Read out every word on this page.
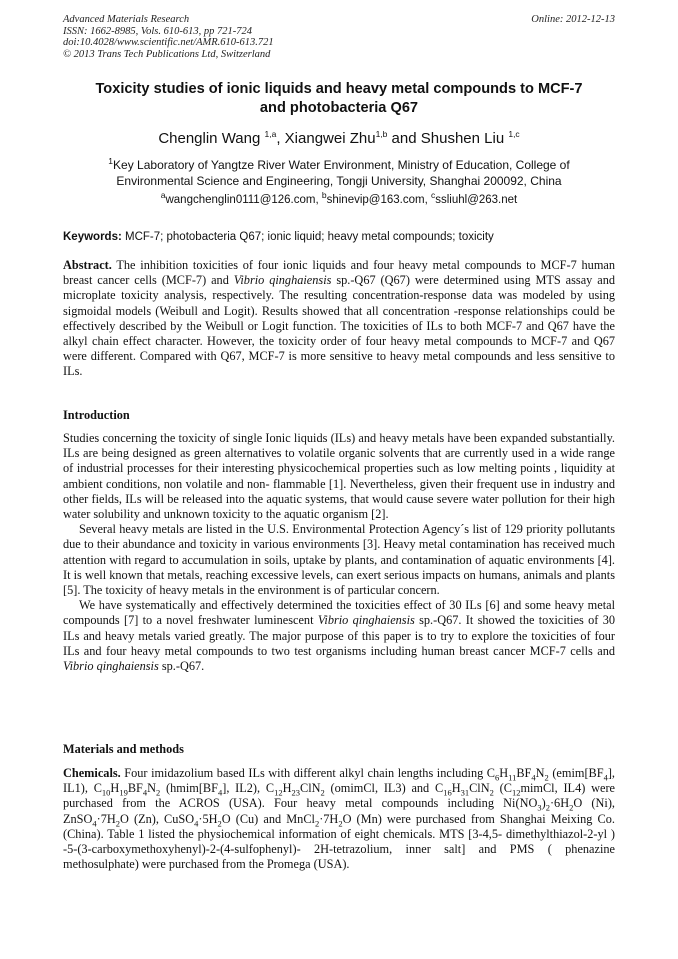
Advanced Materials Research
ISSN: 1662-8985, Vols. 610-613, pp 721-724
doi:10.4028/www.scientific.net/AMR.610-613.721
© 2013 Trans Tech Publications Ltd, Switzerland
Online: 2012-12-13
Toxicity studies of ionic liquids and heavy metal compounds to MCF-7
and photobacteria Q67
Chenglin Wang $^{1,a}$, Xiangwei Zhu$^{1,b}$ and Shushen Liu $^{1,c}$
$^1$Key Laboratory of Yangtze River Water Environment, Ministry of Education, College of
Environmental Science and Engineering, Tongji University, Shanghai 200092, China
$^a$wangchenglin0111@126.com, $^b$shinevip@163.com, $^c$ssliuhl@263.net
Keywords: MCF-7; photobacteria Q67; ionic liquid; heavy metal compounds; toxicity
Abstract. The inhibition toxicities of four ionic liquids and four heavy metal compounds to MCF-7 human breast cancer cells (MCF-7) and Vibrio qinghaiensis sp.-Q67 (Q67) were determined using MTS assay and microplate toxicity analysis, respectively. The resulting concentration-response data was modeled by using sigmoidal models (Weibull and Logit). Results showed that all concentration -response relationships could be effectively described by the Weibull or Logit function. The toxicities of ILs to both MCF-7 and Q67 have the alkyl chain effect character. However, the toxicity order of four heavy metal compounds to MCF-7 and Q67 were different. Compared with Q67, MCF-7 is more sensitive to heavy metal compounds and less sensitive to ILs.
Introduction

Studies concerning the toxicity of single Ionic liquids (ILs) and heavy metals have been expanded substantially. ILs are being designed as green alternatives to volatile organic solvents that are currently used in a wide range of industrial processes for their interesting physicochemical properties such as low melting points , liquidity at ambient conditions, non volatile and non- flammable [1]. Nevertheless, given their frequent use in industry and other fields, ILs will be released into the aquatic systems, that would cause severe water pollution for their high water solubility and unknown toxicity to the aquatic organism [2].

Several heavy metals are listed in the U.S. Environmental Protection Agency´s list of 129 priority pollutants due to their abundance and toxicity in various environments [3]. Heavy metal contamination has received much attention with regard to accumulation in soils, uptake by plants, and contamination of aquatic environments [4]. It is well known that metals, reaching excessive levels, can exert serious impacts on humans, animals and plants [5]. The toxicity of heavy metals in the environment is of particular concern.

We have systematically and effectively determined the toxicities effect of 30 ILs [6] and some heavy metal compounds [7] to a novel freshwater luminescent Vibrio qinghaiensis sp.-Q67. It showed the toxicities of 30 ILs and heavy metals varied greatly. The major purpose of this paper is to try to explore the toxicities of four ILs and four heavy metal compounds to two test organisms including human breast cancer MCF-7 cells and Vibrio qinghaiensis sp.-Q67.

Materials and methods
Chemicals. Four imidazolium based ILs with different alkyl chain lengths including $C_6H_{11}BF_4N_2$ ($emim[BF_4]$, IL1), $C_{10}H_{19}BF_4N_2$ ($hmim[BF_4]$, IL2), $C_{12}H_{23}ClN_2$ (omimCl, IL3) and $C_{16}H_{31}ClN_2$ ($C_{12}mimCl$, IL4) were purchased from the ACROS (USA). Four heavy metal compounds including $Ni(NO_3)_2\cdot 6H_2O$ (Ni), $ZnSO_4\cdot 7H_2O$ (Zn), $CuSO_4\cdot 5H_2O$ (Cu) and $MnCl_2\cdot 7H_2O$ (Mn) were purchased from Shanghai Meixing Co.(China). Table 1 listed the physiochemical information of eight chemicals. MTS [3-4,5- dimethylthiazol-2-yl ) -5-(3-carboxymethoxyhenyl)-2-(4-sulfophenyl)- 2H-tetrazolium, inner salt] and PMS ( phenazine methosulphate) were purchased from the Promega (USA).
